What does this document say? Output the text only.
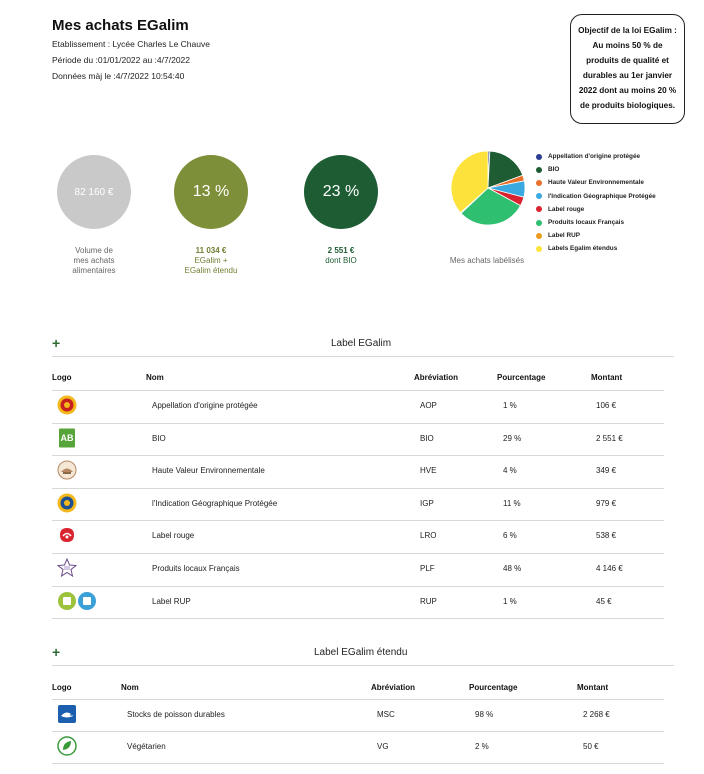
Mes achats EGalim
Etablissement : Lycée Charles Le Chauve
Période du :01/01/2022 au :4/7/2022
Données màj le :4/7/2022 10:54:40
Objectif de la loi EGalim :
Au moins 50 % de
produits de qualité et
durables au 1er janvier
2022 dont au moins 20 %
de produits biologiques.
82 160 €
Volume de
mes achats
alimentaires
13 %
11 034 €
EGalim +
EGalim étendu
23 %
2 551 €
dont BIO	Mes achats labélisés
Appellation d'origine protégée
BIO
Haute Valeur Environnementale
l'Indication Géographique Protégée
Label rouge
Produits locaux Français
Label RUP
Labels Egalim étendus
+	Label EGalim
Logo	Nom	Abréviation	Pourcentage	Montant
Appellation d'origine protégée	AOP	1 %	106 €
AB	BIO	BIO	29 %	2 551 €
Haute Valeur Environnementale	HVE	4 %	349 €
l'Indication Géographique Protégée	IGP	11 %	979 €
Label rouge	LRO	6 %	538 €
Produits locaux Français	PLF	48 %	4 146 €
Label RUP	RUP	1 %	45 €
+	Label EGalim étendu
Logo	Nom	Abréviation	Pourcentage	Montant
Stocks de poisson durables	MSC	98 %	2 268 €
Végétarien	VG	2 %	50 €
